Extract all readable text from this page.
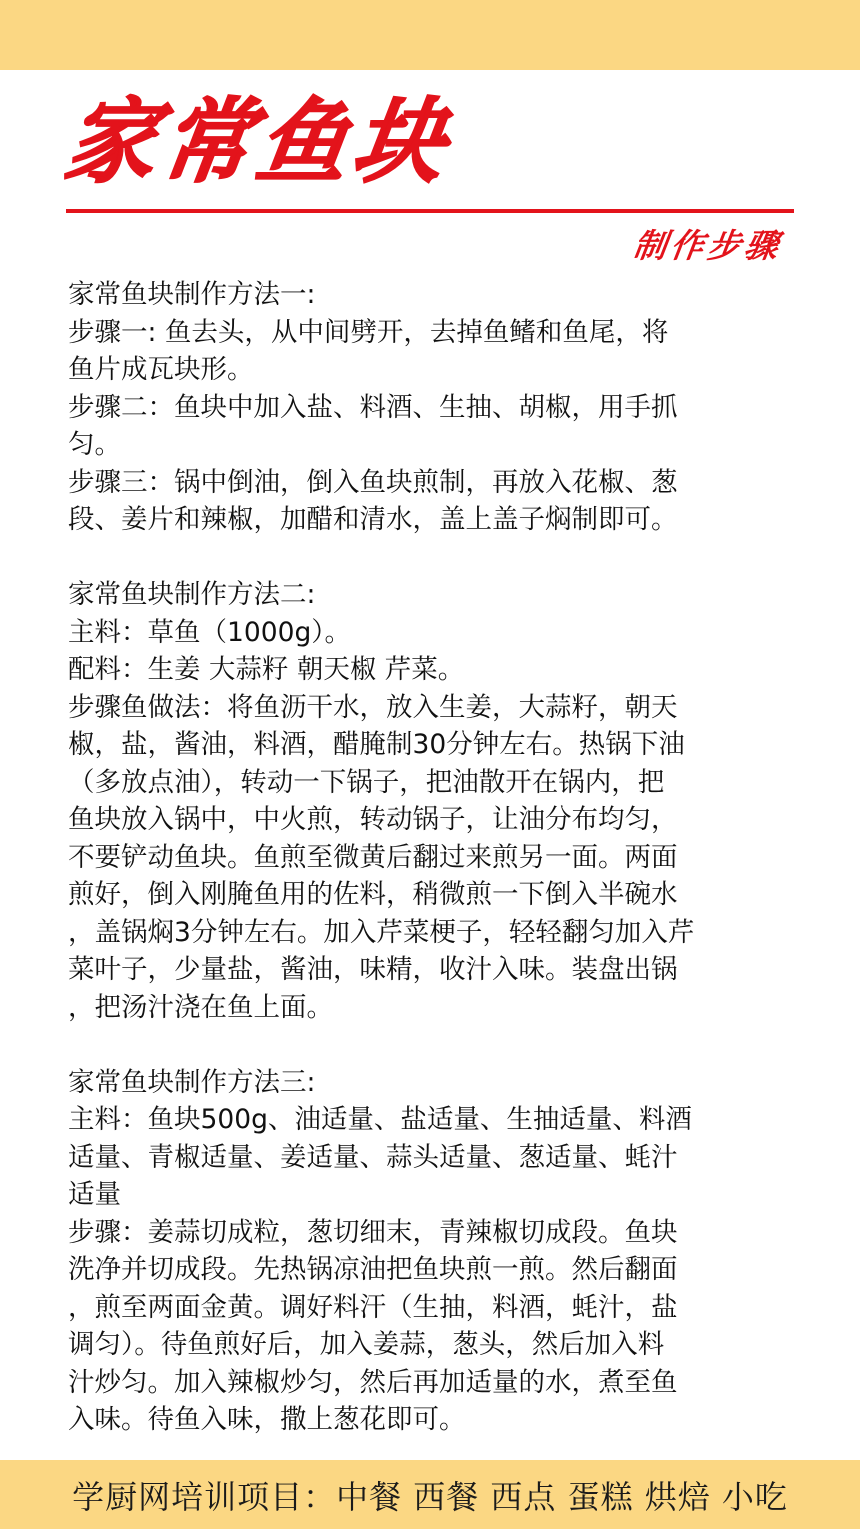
家常鱼块
制作步骤
家常鱼块制作方法一:
步骤一: 鱼去头，从中间劈开，去掉鱼鳍和鱼尾，将
鱼片成瓦块形。
步骤二：鱼块中加入盐、料酒、生抽、胡椒，用手抓
匀。
步骤三：锅中倒油，倒入鱼块煎制，再放入花椒、葱
段、姜片和辣椒，加醋和清水，盖上盖子焖制即可。
家常鱼块制作方法二:
主料：草鱼（1000g）。
配料：生姜 大蒜籽 朝天椒 芹菜。
步骤鱼做法：将鱼沥干水，放入生姜，大蒜籽，朝天
椒，盐，酱油，料酒，醋腌制30分钟左右。热锅下油
（多放点油），转动一下锅子，把油散开在锅内，把
鱼块放入锅中，中火煎，转动锅子，让油分布均匀，
不要铲动鱼块。鱼煎至微黄后翻过来煎另一面。两面
煎好，倒入刚腌鱼用的佐料，稍微煎一下倒入半碗水
，盖锅焖3分钟左右。加入芹菜梗子，轻轻翻匀加入芹
菜叶子，少量盐，酱油，味精，收汁入味。装盘出锅
，把汤汁浇在鱼上面。
家常鱼块制作方法三:
主料：鱼块500g、油适量、盐适量、生抽适量、料酒
适量、青椒适量、姜适量、蒜头适量、葱适量、蚝汁
适量
步骤：姜蒜切成粒，葱切细末，青辣椒切成段。鱼块
洗净并切成段。先热锅凉油把鱼块煎一煎。然后翻面
，煎至两面金黄。调好料汗（生抽，料酒，蚝汁，盐
调匀）。待鱼煎好后，加入姜蒜，葱头，然后加入料
汁炒匀。加入辣椒炒匀，然后再加适量的水，煮至鱼
入味。待鱼入味，撒上葱花即可。
学厨网培训项目：中餐 西餐 西点 蛋糕 烘焙 小吃
